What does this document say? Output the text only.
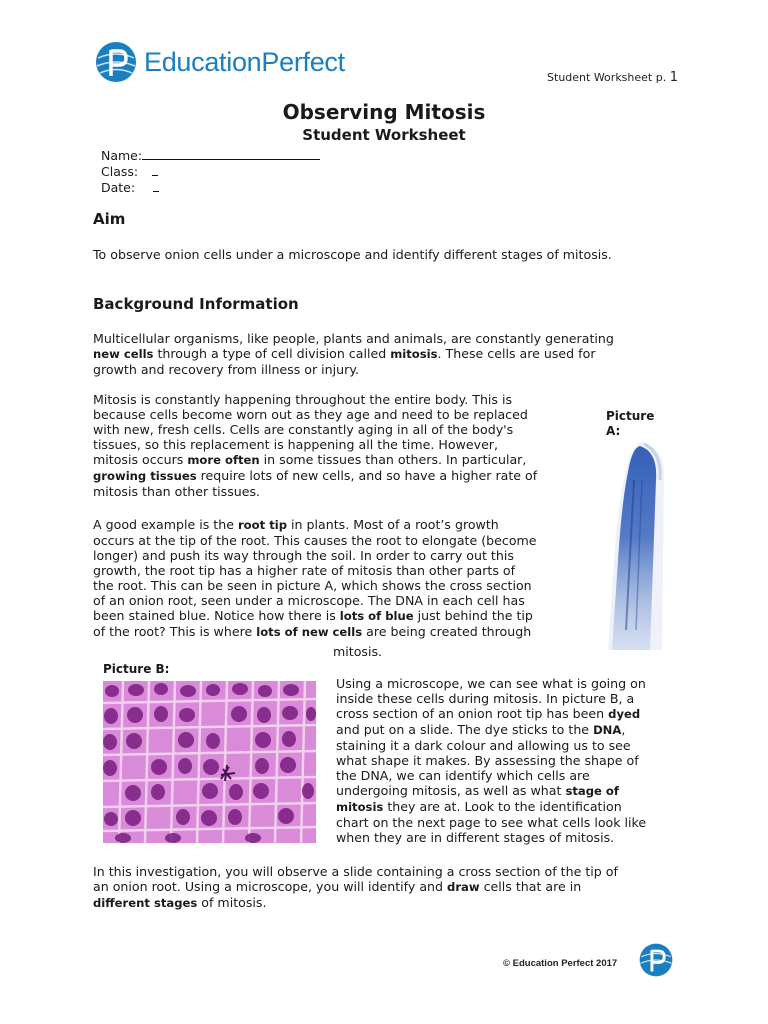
EducationPerfect
Student Worksheet p. 1
Observing Mitosis
Student Worksheet
Name:
Class:
Date:
Aim
To observe onion cells under a microscope and identify different stages of mitosis.
Background Information
Multicellular organisms, like people, plants and animals, are constantly generating
new cells through a type of cell division called mitosis. These cells are used for
growth and recovery from illness or injury.
Mitosis is constantly happening throughout the entire body. This is
because cells become worn out as they age and need to be replaced
with new, fresh cells. Cells are constantly aging in all of the body's
tissues, so this replacement is happening all the time. However,
mitosis occurs more often in some tissues than others. In particular,
growing tissues require lots of new cells, and so have a higher rate of
mitosis than other tissues.
A good example is the root tip in plants. Most of a root’s growth
occurs at the tip of the root. This causes the root to elongate (become
longer) and push its way through the soil. In order to carry out this
growth, the root tip has a higher rate of mitosis than other parts of
the root. This can be seen in picture A, which shows the cross section
of an onion root, seen under a microscope. The DNA in each cell has
been stained blue. Notice how there is lots of blue just behind the tip
of the root? This is where lots of new cells are being created through
mitosis.
Using a microscope, we can see what is going on
inside these cells during mitosis. In picture B, a
cross section of an onion root tip has been dyed
and put on a slide. The dye sticks to the DNA,
staining it a dark colour and allowing us to see
what shape it makes. By assessing the shape of
the DNA, we can identify which cells are
undergoing mitosis, as well as what stage of
mitosis they are at. Look to the identification
chart on the next page to see what cells look like
when they are in different stages of mitosis.
In this investigation, you will observe a slide containing a cross section of the tip of
an onion root. Using a microscope, you will identify and draw cells that are in
different stages of mitosis.
Picture
A:
Picture B:
© Education Perfect 2017
